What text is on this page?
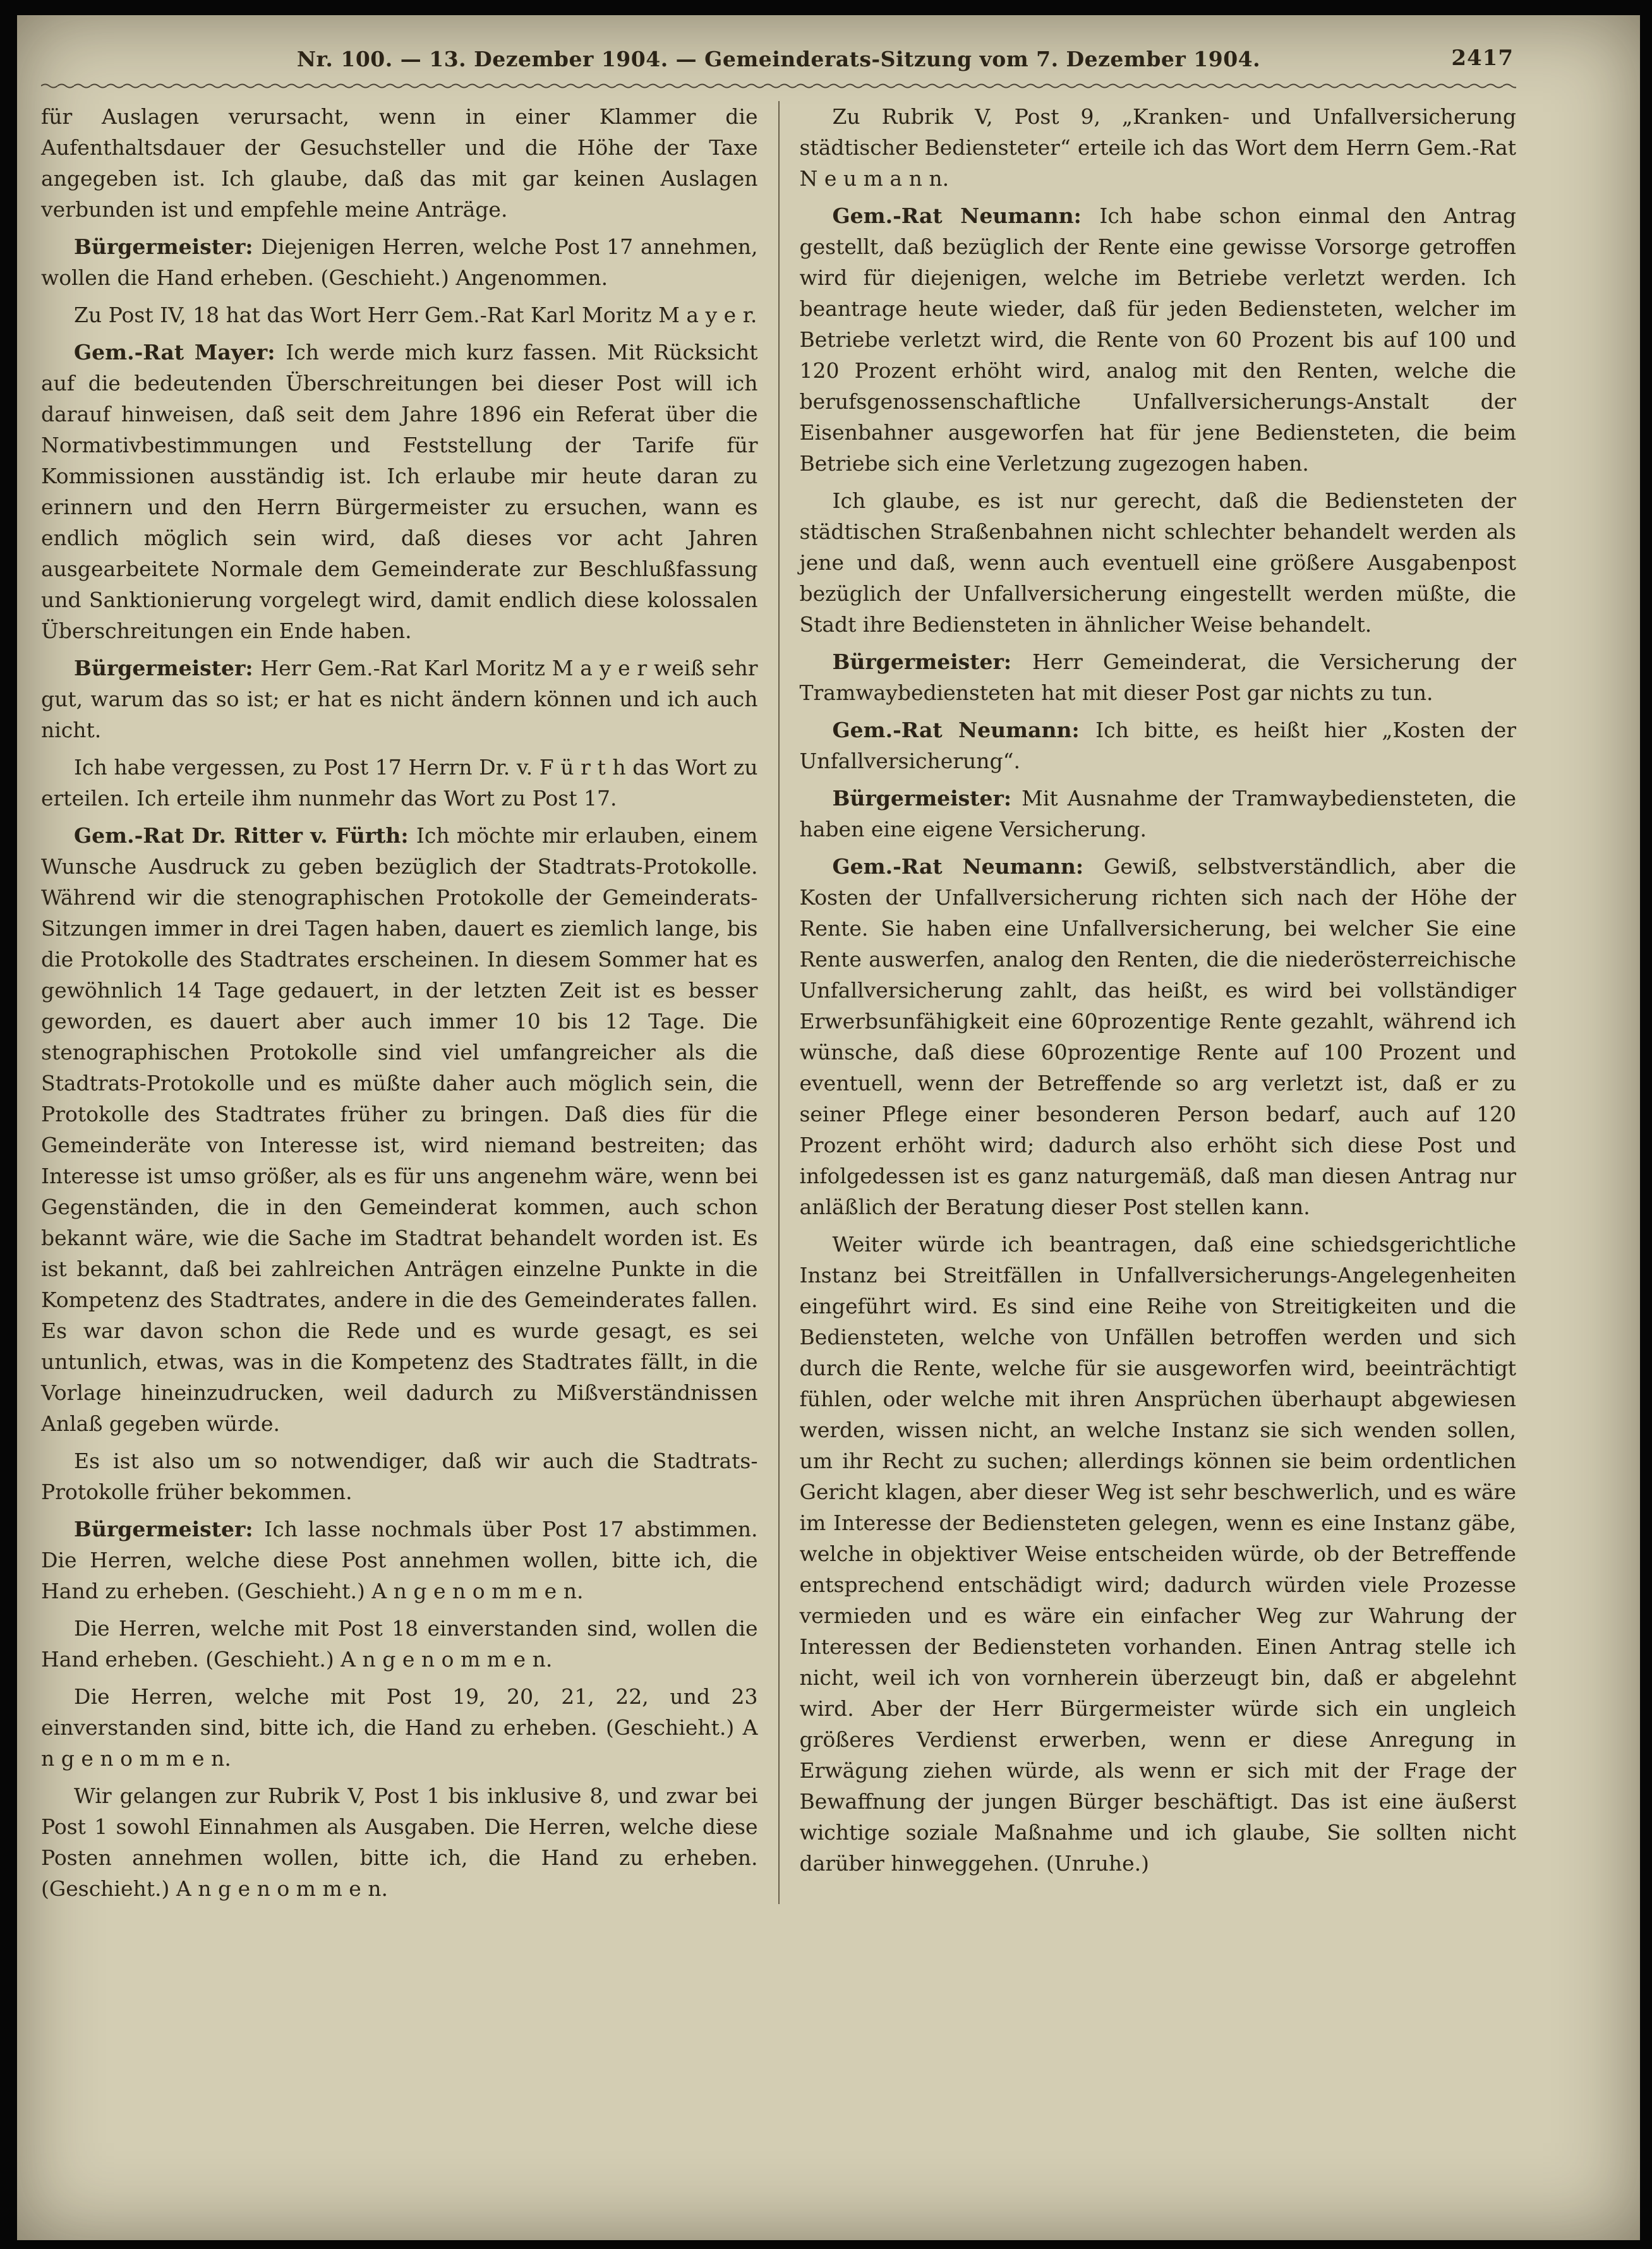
Nr. 100. — 13. Dezember 1904. — Gemeinderats-Sitzung vom 7. Dezember 1904.	2417

für Auslagen verursacht, wenn in einer Klammer die Aufenthaltsdauer der Gesuchsteller und die Höhe der Taxe angegeben ist. Ich glaube, daß das mit gar keinen Auslagen verbunden ist und empfehle meine Anträge.

Bürgermeister: Diejenigen Herren, welche Post 17 annehmen, wollen die Hand erheben. (Geschieht.) Angenommen.

Zu Post IV, 18 hat das Wort Herr Gem.-Rat Karl Moritz M a y e r.

Gem.-Rat Mayer: Ich werde mich kurz fassen. Mit Rücksicht auf die bedeutenden Überschreitungen bei dieser Post will ich darauf hinweisen, daß seit dem Jahre 1896 ein Referat über die Normativbestimmungen und Feststellung der Tarife für Kommissionen ausständig ist. Ich erlaube mir heute daran zu erinnern und den Herrn Bürgermeister zu ersuchen, wann es endlich möglich sein wird, daß dieses vor acht Jahren ausgearbeitete Normale dem Gemeinderate zur Beschlußfassung und Sanktionierung vorgelegt wird, damit endlich diese kolossalen Überschreitungen ein Ende haben.

Bürgermeister: Herr Gem.-Rat Karl Moritz M a y e r weiß sehr gut, warum das so ist; er hat es nicht ändern können und ich auch nicht.

Ich habe vergessen, zu Post 17 Herrn Dr. v. F ü r t h das Wort zu erteilen. Ich erteile ihm nunmehr das Wort zu Post 17.

Gem.-Rat Dr. Ritter v. Fürth: Ich möchte mir erlauben, einem Wunsche Ausdruck zu geben bezüglich der Stadtrats-Protokolle. Während wir die stenographischen Protokolle der Gemeinderats-Sitzungen immer in drei Tagen haben, dauert es ziemlich lange, bis die Protokolle des Stadtrates erscheinen. In diesem Sommer hat es gewöhnlich 14 Tage gedauert, in der letzten Zeit ist es besser geworden, es dauert aber auch immer 10 bis 12 Tage. Die stenographischen Protokolle sind viel umfangreicher als die Stadtrats-Protokolle und es müßte daher auch möglich sein, die Protokolle des Stadtrates früher zu bringen. Daß dies für die Gemeinderäte von Interesse ist, wird niemand bestreiten; das Interesse ist umso größer, als es für uns angenehm wäre, wenn bei Gegenständen, die in den Gemeinderat kommen, auch schon bekannt wäre, wie die Sache im Stadtrat behandelt worden ist. Es ist bekannt, daß bei zahlreichen Anträgen einzelne Punkte in die Kompetenz des Stadtrates, andere in die des Gemeinderates fallen. Es war davon schon die Rede und es wurde gesagt, es sei untunlich, etwas, was in die Kompetenz des Stadtrates fällt, in die Vorlage hineinzudrucken, weil dadurch zu Mißverständnissen Anlaß gegeben würde.

Es ist also um so notwendiger, daß wir auch die Stadtrats-Protokolle früher bekommen.

Bürgermeister: Ich lasse nochmals über Post 17 abstimmen. Die Herren, welche diese Post annehmen wollen, bitte ich, die Hand zu erheben. (Geschieht.) A n g e n o m m e n.

Die Herren, welche mit Post 18 einverstanden sind, wollen die Hand erheben. (Geschieht.) A n g e n o m m e n.

Die Herren, welche mit Post 19, 20, 21, 22, und 23 einverstanden sind, bitte ich, die Hand zu erheben. (Geschieht.) A n g e n o m m e n.

Wir gelangen zur Rubrik V, Post 1 bis inklusive 8, und zwar bei Post 1 sowohl Einnahmen als Ausgaben. Die Herren, welche diese Posten annehmen wollen, bitte ich, die Hand zu erheben. (Geschieht.) A n g e n o m m e n.

Zu Rubrik V, Post 9, „Kranken- und Unfallversicherung städtischer Bediensteter“ erteile ich das Wort dem Herrn Gem.-Rat N e u m a n n.

Gem.-Rat Neumann: Ich habe schon einmal den Antrag gestellt, daß bezüglich der Rente eine gewisse Vorsorge getroffen wird für diejenigen, welche im Betriebe verletzt werden. Ich beantrage heute wieder, daß für jeden Bediensteten, welcher im Betriebe verletzt wird, die Rente von 60 Prozent bis auf 100 und 120 Prozent erhöht wird, analog mit den Renten, welche die berufsgenossenschaftliche Unfallversicherungs-Anstalt der Eisenbahner ausgeworfen hat für jene Bediensteten, die beim Betriebe sich eine Verletzung zugezogen haben.

Ich glaube, es ist nur gerecht, daß die Bediensteten der städtischen Straßenbahnen nicht schlechter behandelt werden als jene und daß, wenn auch eventuell eine größere Ausgabenpost bezüglich der Unfallversicherung eingestellt werden müßte, die Stadt ihre Bediensteten in ähnlicher Weise behandelt.

Bürgermeister: Herr Gemeinderat, die Versicherung der Tramwaybediensteten hat mit dieser Post gar nichts zu tun.

Gem.-Rat Neumann: Ich bitte, es heißt hier „Kosten der Unfallversicherung“.

Bürgermeister: Mit Ausnahme der Tramwaybediensteten, die haben eine eigene Versicherung.

Gem.-Rat Neumann: Gewiß, selbstverständlich, aber die Kosten der Unfallversicherung richten sich nach der Höhe der Rente. Sie haben eine Unfallversicherung, bei welcher Sie eine Rente auswerfen, analog den Renten, die die niederösterreichische Unfallversicherung zahlt, das heißt, es wird bei vollständiger Erwerbsunfähigkeit eine 60prozentige Rente gezahlt, während ich wünsche, daß diese 60prozentige Rente auf 100 Prozent und eventuell, wenn der Betreffende so arg verletzt ist, daß er zu seiner Pflege einer besonderen Person bedarf, auch auf 120 Prozent erhöht wird; dadurch also erhöht sich diese Post und infolgedessen ist es ganz naturgemäß, daß man diesen Antrag nur anläßlich der Beratung dieser Post stellen kann.

Weiter würde ich beantragen, daß eine schiedsgerichtliche Instanz bei Streitfällen in Unfallversicherungs-Angelegenheiten eingeführt wird. Es sind eine Reihe von Streitigkeiten und die Bediensteten, welche von Unfällen betroffen werden und sich durch die Rente, welche für sie ausgeworfen wird, beeinträchtigt fühlen, oder welche mit ihren Ansprüchen überhaupt abgewiesen werden, wissen nicht, an welche Instanz sie sich wenden sollen, um ihr Recht zu suchen; allerdings können sie beim ordentlichen Gericht klagen, aber dieser Weg ist sehr beschwerlich, und es wäre im Interesse der Bediensteten gelegen, wenn es eine Instanz gäbe, welche in objektiver Weise entscheiden würde, ob der Betreffende entsprechend entschädigt wird; dadurch würden viele Prozesse vermieden und es wäre ein einfacher Weg zur Wahrung der Interessen der Bediensteten vorhanden. Einen Antrag stelle ich nicht, weil ich von vornherein überzeugt bin, daß er abgelehnt wird. Aber der Herr Bürgermeister würde sich ein ungleich größeres Verdienst erwerben, wenn er diese Anregung in Erwägung ziehen würde, als wenn er sich mit der Frage der Bewaffnung der jungen Bürger beschäftigt. Das ist eine äußerst wichtige soziale Maßnahme und ich glaube, Sie sollten nicht darüber hinweggehen. (Unruhe.)
